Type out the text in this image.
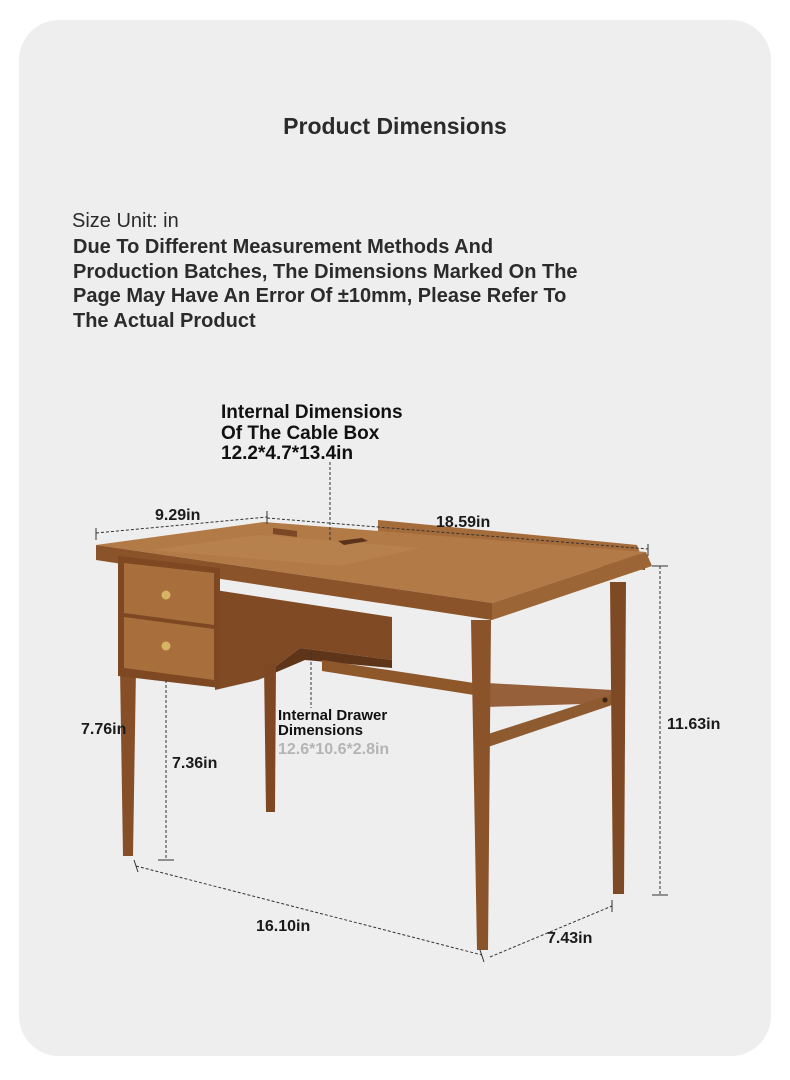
Product Dimensions
Size Unit: in
Due To Different Measurement Methods And
Production Batches, The Dimensions Marked On The
Page May Have An Error Of ±10mm, Please Refer To
The Actual Product
Internal Dimensions
Of The Cable Box
12.2*4.7*13.4in
Internal Drawer
Dimensions
12.6*10.6*2.8in
9.29in	18.59in
7.76in
7.36in
11.63in
16.10in
7.43in
